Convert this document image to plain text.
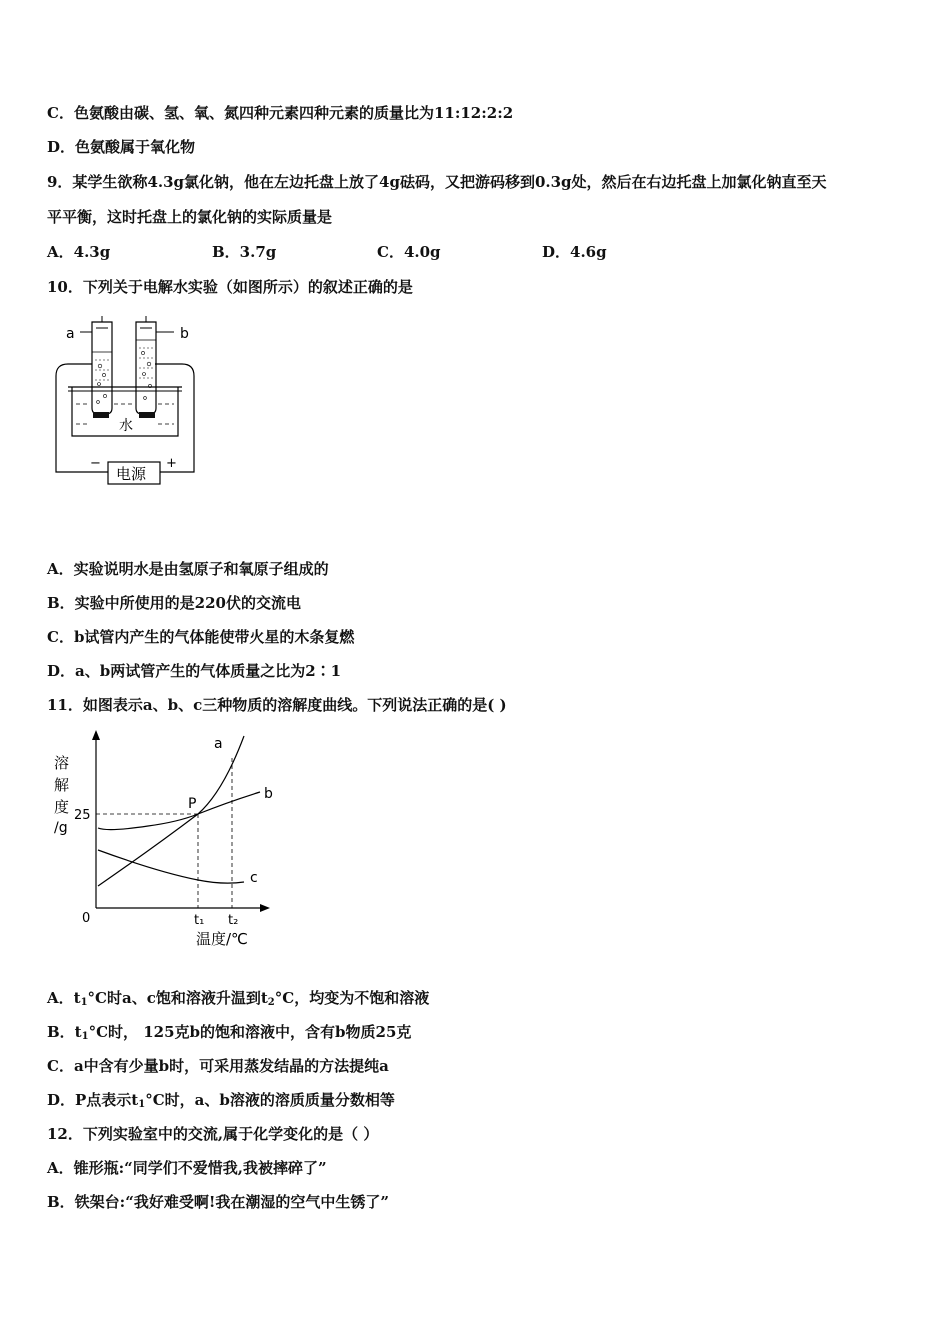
C．色氨酸由碳、氢、氧、氮四种元素四种元素的质量比为11:12:2:2
D．色氨酸属于氧化物
9．某学生欲称4.3g氯化钠，他在左边托盘上放了4g砝码，又把游码移到0.3g处，然后在右边托盘上加氯化钠直至天
平平衡，这时托盘上的氯化钠的实际质量是
A．4.3g	B．3.7g	C．4.0g	D．4.6g
10．下列关于电解水实验（如图所示）的叙述正确的是
水
a	b
电源
−	+
A．实验说明水是由氢原子和氧原子组成的
B．实验中所使用的是220伏的交流电
C．b试管内产生的气体能使带火星的木条复燃
D．a、b两试管产生的气体质量之比为2∶1
11．如图表示a、b、c三种物质的溶解度曲线。下列说法正确的是( )
溶
解
度
/g
25
0	t₁ t₂
温度/℃
a
b
c
P
A．$t_1^\circ C$时a、c饱和溶液升温到$t_2^\circ C$，均变为不饱和溶液
B．$t_1^\circ C$时， 125克b的饱和溶液中，含有b物质25克
C．a中含有少量b时，可采用蒸发结晶的方法提纯a
D．P点表示$t_1^\circ C$时，a、b溶液的溶质质量分数相等
12．下列实验室中的交流,属于化学变化的是（ ）
A．锥形瓶:“同学们不爱惜我,我被摔碎了”
B．铁架台:“我好难受啊!我在潮湿的空气中生锈了”
